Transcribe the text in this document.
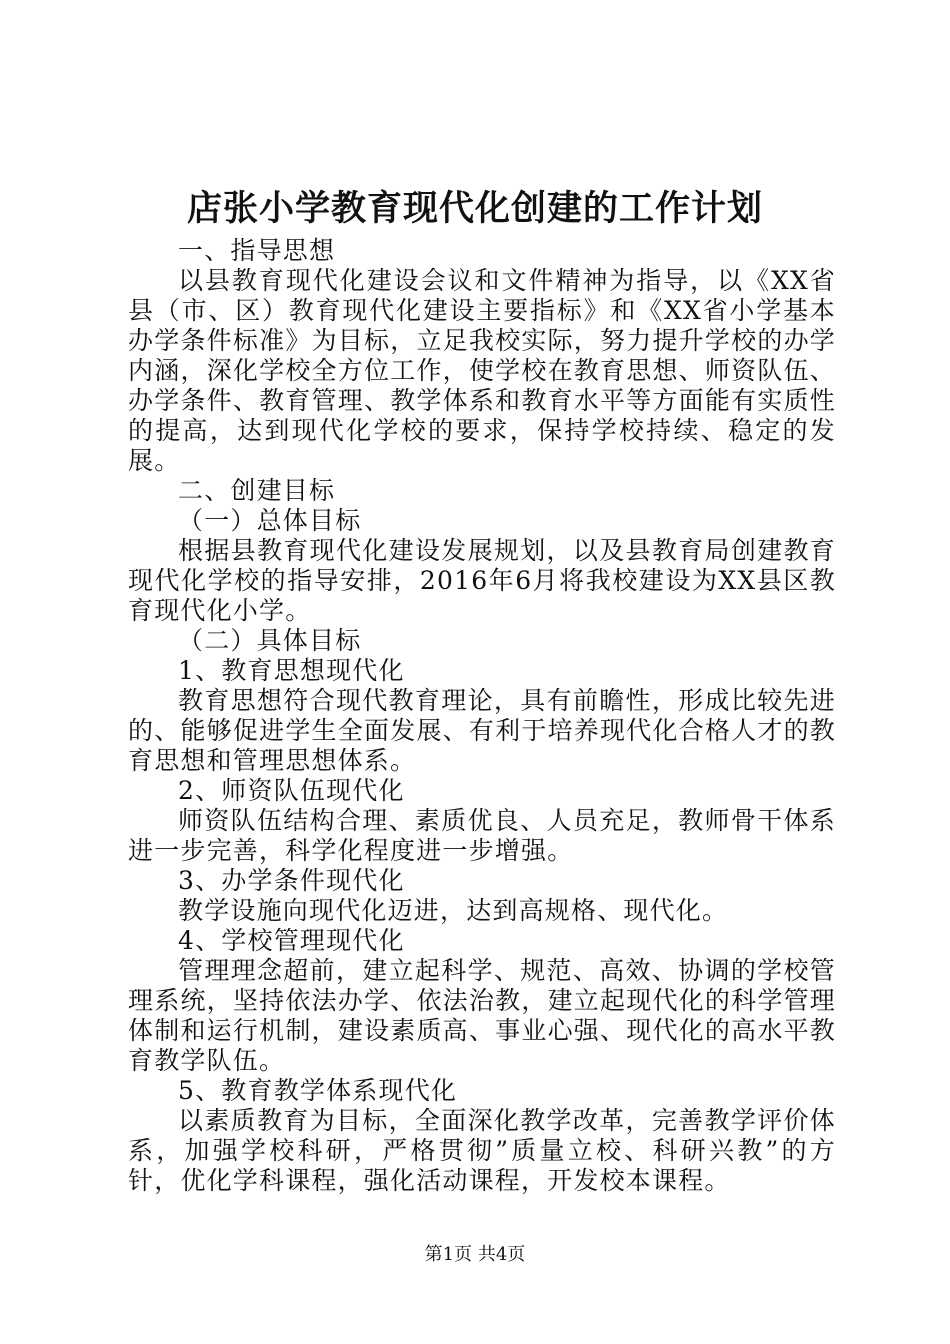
店张小学教育现代化创建的工作计划

一、指导思想

以县教育现代化建设会议和文件精神为指导，以《XX省县（市、区）教育现代化建设主要指标》和《XX省小学基本办学条件标准》为目标，立足我校实际，努力提升学校的办学内涵，深化学校全方位工作，使学校在教育思想、师资队伍、办学条件、教育管理、教学体系和教育水平等方面能有实质性的提高，达到现代化学校的要求，保持学校持续、稳定的发展。

二、创建目标

（一）总体目标

根据县教育现代化建设发展规划，以及县教育局创建教育现代化学校的指导安排，2016年6月将我校建设为XX县区教育现代化小学。

（二）具体目标

1、教育思想现代化

教育思想符合现代教育理论，具有前瞻性，形成比较先进的、能够促进学生全面发展、有利于培养现代化合格人才的教育思想和管理思想体系。

2、师资队伍现代化

师资队伍结构合理、素质优良、人员充足，教师骨干体系进一步完善，科学化程度进一步增强。

3、办学条件现代化

教学设施向现代化迈进，达到高规格、现代化。

4、学校管理现代化

管理理念超前，建立起科学、规范、高效、协调的学校管理系统，坚持依法办学、依法治教，建立起现代化的科学管理体制和运行机制，建设素质高、事业心强、现代化的高水平教育教学队伍。

5、教育教学体系现代化

以素质教育为目标，全面深化教学改革，完善教学评价体系，加强学校科研，严格贯彻”质量立校、科研兴教”的方针，优化学科课程，强化活动课程，开发校本课程。

第1页 共4页
